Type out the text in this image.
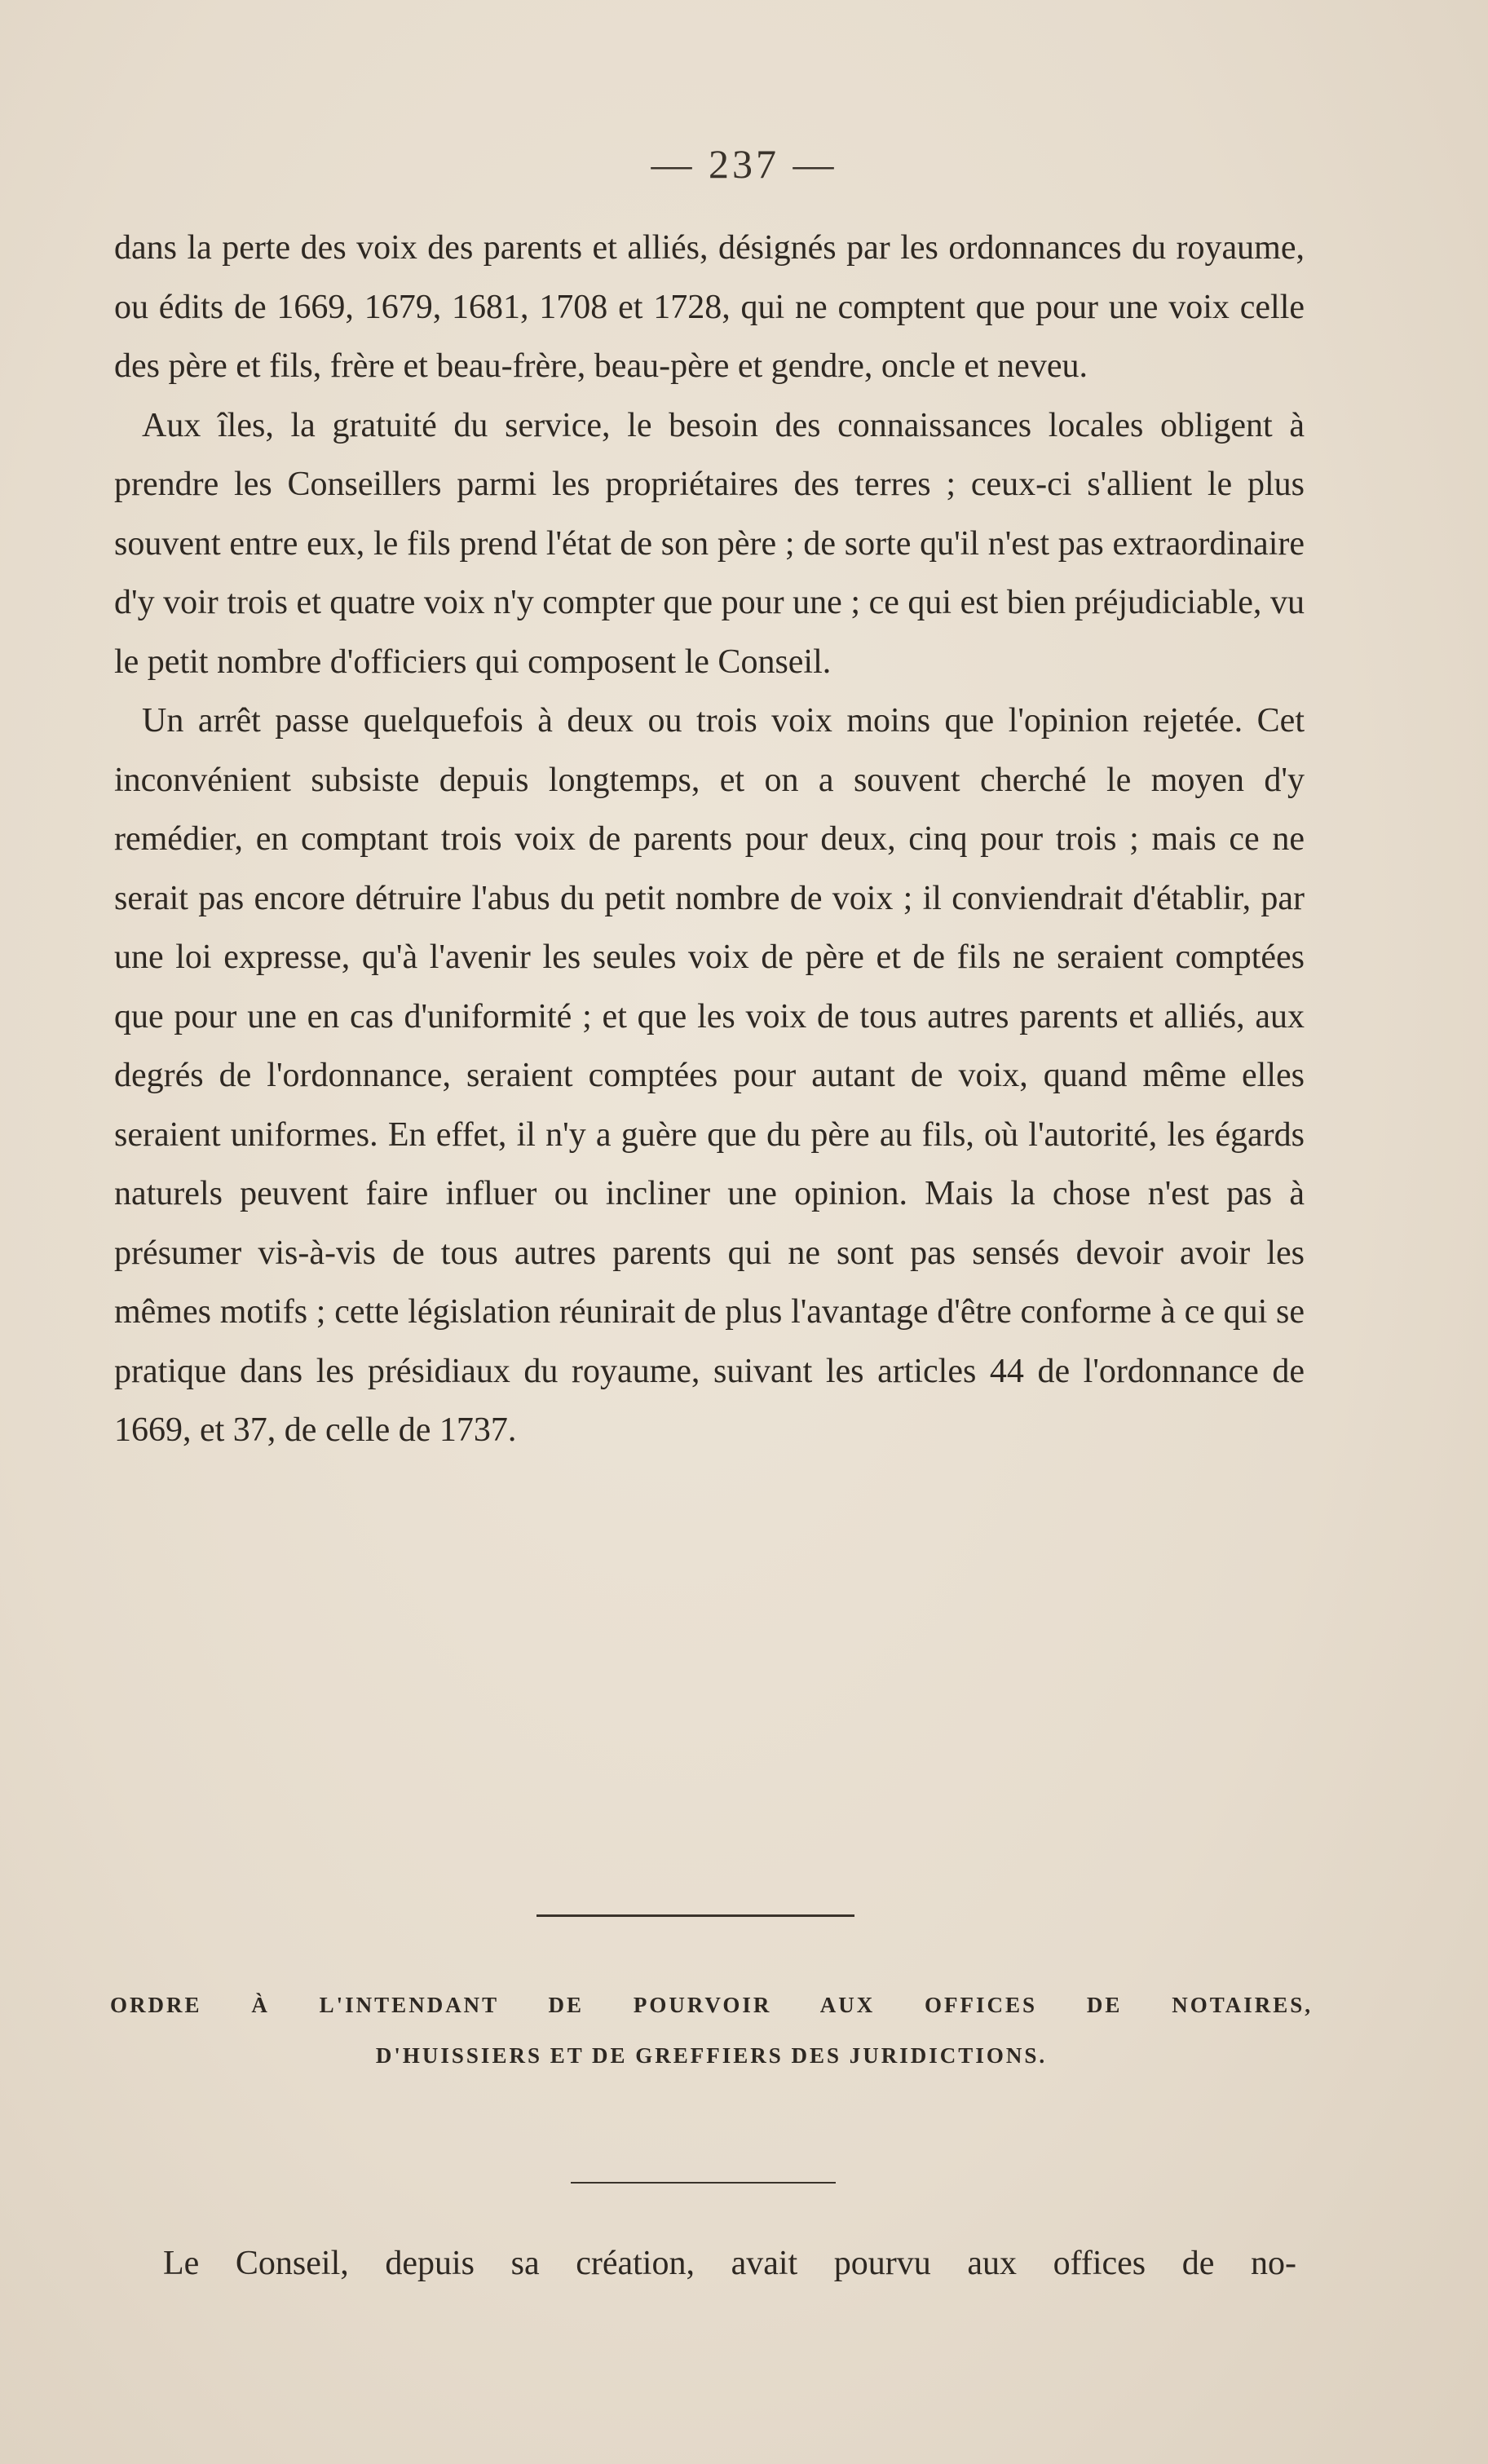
— 237 —

dans la perte des voix des parents et alliés, désignés par les ordonnances du royaume, ou édits de 1669, 1679, 1681, 1708 et 1728, qui ne comptent que pour une voix celle des père et fils, frère et beau-frère, beau-père et gendre, oncle et neveu.

Aux îles, la gratuité du service, le besoin des connaissances locales obligent à prendre les Conseillers parmi les propriétaires des terres ; ceux-ci s'allient le plus souvent entre eux, le fils prend l'état de son père ; de sorte qu'il n'est pas extraordinaire d'y voir trois et quatre voix n'y compter que pour une ; ce qui est bien préjudiciable, vu le petit nombre d'officiers qui composent le Conseil.

Un arrêt passe quelquefois à deux ou trois voix moins que l'opinion rejetée. Cet inconvénient subsiste depuis longtemps, et on a souvent cherché le moyen d'y remédier, en comptant trois voix de parents pour deux, cinq pour trois ; mais ce ne serait pas encore détruire l'abus du petit nombre de voix ; il conviendrait d'établir, par une loi expresse, qu'à l'avenir les seules voix de père et de fils ne seraient comptées que pour une en cas d'uniformité ; et que les voix de tous autres parents et alliés, aux degrés de l'ordonnance, seraient comptées pour autant de voix, quand même elles seraient uniformes. En effet, il n'y a guère que du père au fils, où l'autorité, les égards naturels peuvent faire influer ou incliner une opinion. Mais la chose n'est pas à présumer vis-à-vis de tous autres parents qui ne sont pas sensés devoir avoir les mêmes motifs ; cette législation réunirait de plus l'avantage d'être conforme à ce qui se pratique dans les présidiaux du royaume, suivant les articles 44 de l'ordonnance de 1669, et 37, de celle de 1737.

ORDRE À L'INTENDANT DE POURVOIR AUX OFFICES DE NOTAIRES,
D'HUISSIERS ET DE GREFFIERS DES JURIDICTIONS.
Le Conseil, depuis sa création, avait pourvu aux offices de no-
